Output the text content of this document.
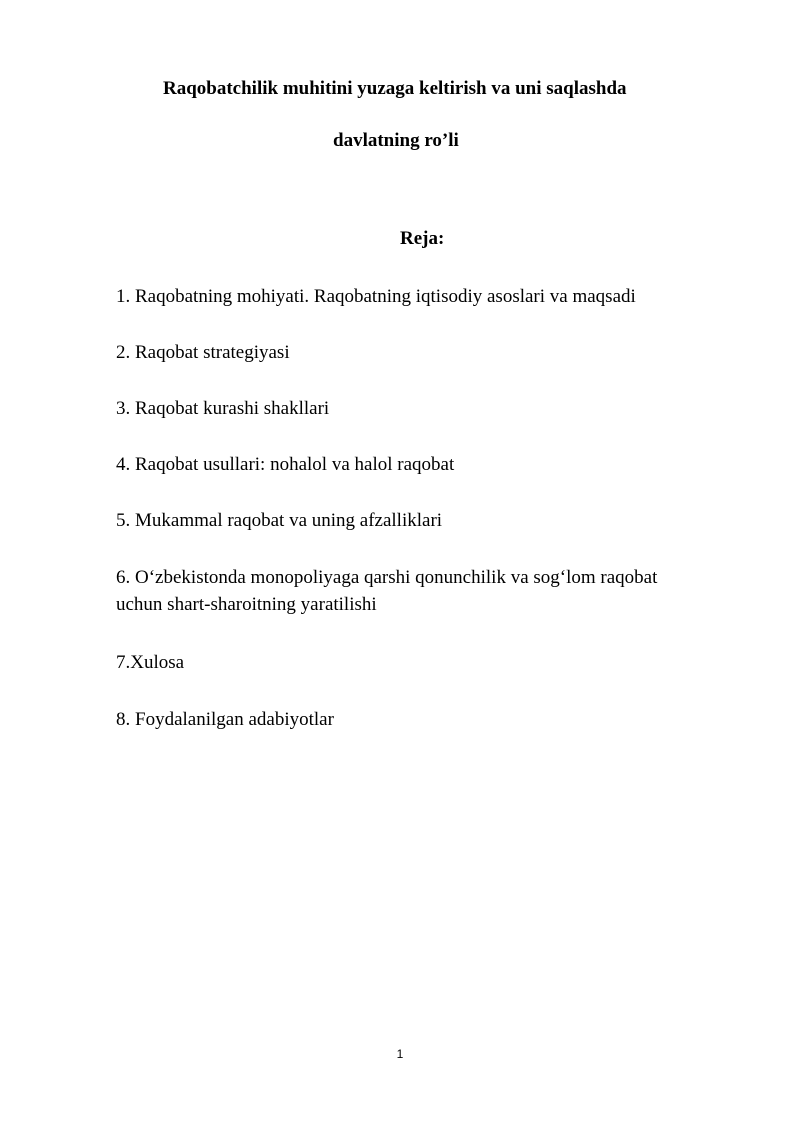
Raqobatchilik muhitini yuzaga keltirish va uni saqlashda
davlatning ro’li
Reja:
1. Raqobatning mohiyati. Raqobatning iqtisodiy asoslari va maqsadi
2. Raqobat strategiyasi
3. Raqobat kurashi shakllari
4. Raqobat usullari: nohalol va halol raqobat
5. Mukammal raqobat va uning afzalliklari
6. O‘zbekistonda monopoliyaga qarshi qonunchilik va sog‘lom raqobat uchun shart-sharoitning yaratilishi
7.Xulosa
8. Foydalanilgan adabiyotlar
1
